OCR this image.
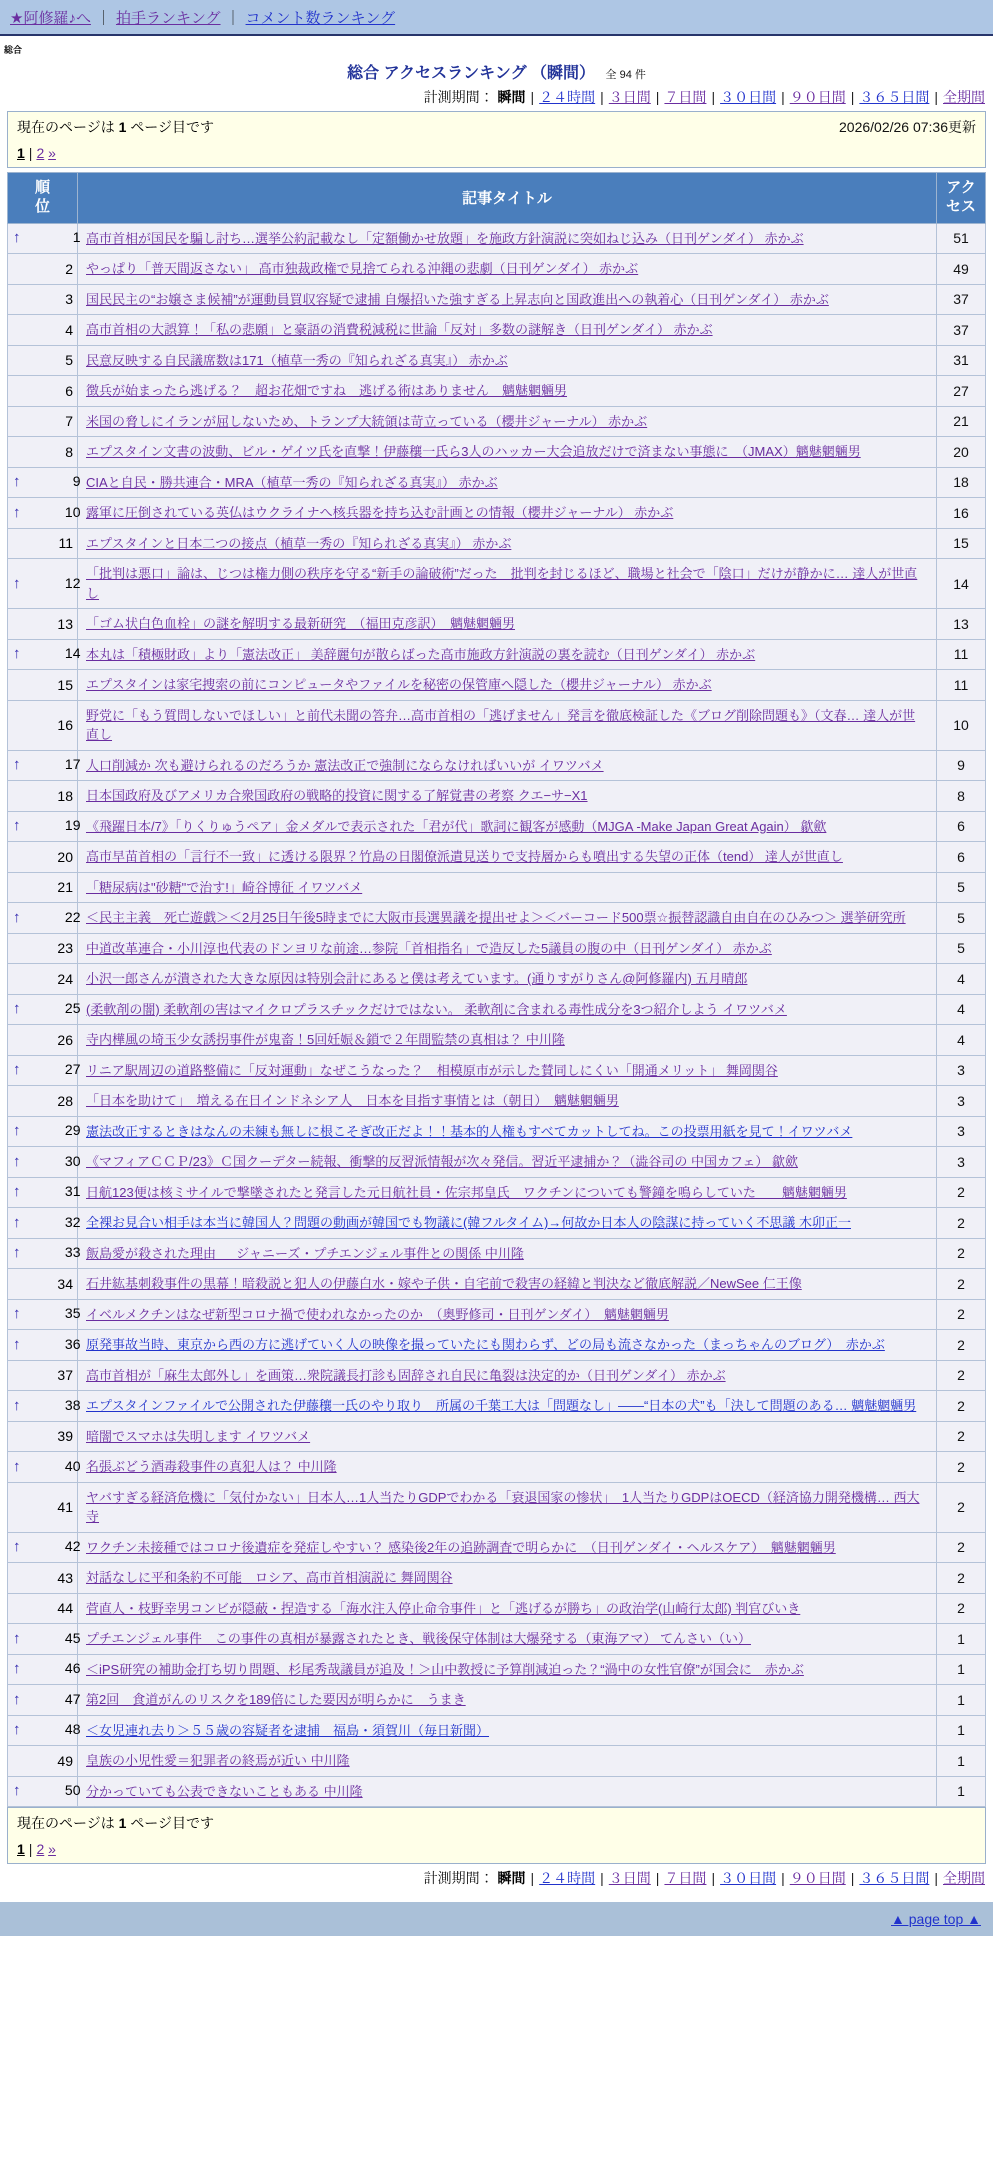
★阿修羅♪へ ｜ 拍手ランキング ｜ コメント数ランキング
総合
総合 アクセスランキング （瞬間） 全 94 件
計測期間： 瞬間 | ２４時間 | ３日間 | ７日間 | ３０日間 | ９０日間 | ３６５日間 | 全期間
現在のページは 1 ページ目です	2026/02/26 07:36更新
1 | 2 »
順位	記事タイトル	アクセス

↑ 1	高市首相が国民を騙し討ち…選挙公約記載なし「定額働かせ放題」を施政方針演説に突如ねじ込み（日刊ゲンダイ） 赤かぶ	51
2	やっぱり「普天間返さない」 高市独裁政権で見捨てられる沖縄の悲劇（日刊ゲンダイ） 赤かぶ	49
3	国民民主の“お嬢さま候補”が運動員買収容疑で逮捕 自爆招いた強すぎる上昇志向と国政進出への執着心（日刊ゲンダイ） 赤かぶ	37
4	高市首相の大誤算！「私の悲願」と豪語の消費税減税に世論「反対」多数の謎解き（日刊ゲンダイ） 赤かぶ	37
5	民意反映する自民議席数は171（植草一秀の『知られざる真実』） 赤かぶ	31
6	徴兵が始まったら逃げる？　超お花畑ですね　逃げる術はありません　魑魅魍魎男	27
7	米国の脅しにイランが屈しないため、トランプ大統領は苛立っている（櫻井ジャーナル） 赤かぶ	21
8	エプスタイン文書の波動、ビル・ゲイツ氏を直撃！伊藤穰一氏ら3人のハッカー大会追放だけで済まない事態に　（JMAX）魑魅魍魎男	20

↑ 9	CIAと自民・勝共連合・MRA（植草一秀の『知られざる真実』） 赤かぶ	18

↑ 10	露軍に圧倒されている英仏はウクライナへ核兵器を持ち込む計画との情報（櫻井ジャーナル） 赤かぶ	16
11	エプスタインと日本二つの接点（植草一秀の『知られざる真実』） 赤かぶ	15

↑ 12	「批判は悪口」論は、じつは権力側の秩序を守る“新手の論破術”だった　批判を封じるほど、職場と社会で「陰口」だけが静かに… 達人が世直し	14
13	「ゴム状白色血栓」の謎を解明する最新研究　（福田克彦訳）　魑魅魍魎男	13

↑ 14	本丸は「積極財政」より「憲法改正」 美辞麗句が散らばった高市施政方針演説の裏を読む（日刊ゲンダイ） 赤かぶ	11
15	エプスタインは家宅捜索の前にコンピュータやファイルを秘密の保管庫へ隠した（櫻井ジャーナル） 赤かぶ	11
16	野党に「もう質問しないでほしい」と前代未聞の答弁…高市首相の「逃げません」発言を徹底検証した《ブログ削除問題も》（文春… 達人が世直し	10

↑ 17	人口削減か 次も避けられるのだろうか 憲法改正で強制にならなければいいが イワツバメ	9
18	日本国政府及びアメリカ合衆国政府の戦略的投資に関する了解覚書の考察 クエ−サ−X1	8

↑ 19	《飛躍日本/7》「りくりゅうペア」金メダルで表示された「君が代」歌詞に観客が感動（MJGA -Make Japan Great Again） 歙歛	6
20	高市早苗首相の「言行不一致」に透ける限界？竹島の日閣僚派遣見送りで支持層からも噴出する失望の正体（tend） 達人が世直し	6
21	「糖尿病は"砂糖"で治す!」崎谷博征 イワツバメ	5

↑ 22	＜民主主義　死亡遊戯＞＜2月25日午後5時までに大阪市長選異議を提出せよ＞＜バーコード500票☆振替認識自由自在のひみつ＞ 選挙研究所	5
23	中道改革連合・小川淳也代表のドンヨリな前途…参院「首相指名」で造反した5議員の腹の中（日刊ゲンダイ） 赤かぶ	5
24	小沢一郎さんが潰された大きな原因は特別会計にあると僕は考えています。(通りすがりさん@阿修羅内) 五月晴郎	4

↑ 25	(柔軟剤の闇) 柔軟剤の害はマイクロプラスチックだけではない。 柔軟剤に含まれる毒性成分を3つ紹介しよう イワツバメ	4
26	寺内樺風の埼玉少女誘拐事件が鬼畜！5回妊娠＆鎖で２年間監禁の真相は？ 中川隆	4

↑ 27	リニア駅周辺の道路整備に「反対運動」なぜこうなった？　相模原市が示した賛同しにくい「開通メリット」 舞岡関谷	3
28	「日本を助けて」　増える在日インドネシア人　日本を目指す事情とは（朝日）　魑魅魍魎男	3

↑ 29	憲法改正するときはなんの未練も無しに根こそぎ改正だよ！！基本的人権もすべてカットしてね。この投票用紙を見て！イワツバメ	3

↑ 30	《マフィアＣＣＰ/23》Ｃ国クーデター続報、衝撃的反習派情報が次々発信。習近平逮捕か？（澁谷司の 中国カフェ） 歙歛	3

↑ 31	日航123便は核ミサイルで撃墜されたと発言した元日航社員・佐宗邦皇氏　ワクチンについても警鐘を鳴らしていた　　魑魅魍魎男	2

↑ 32	全裸お見合い相手は本当に韓国人？問題の動画が韓国でも物議に(韓フルタイム)→何故か日本人の陰謀に持っていく不思議 木卯正一	2

↑ 33	飯島愛が殺された理由 ＿ ジャニーズ・プチエンジェル事件との関係 中川隆	2
34	石井紘基刺殺事件の黒幕！暗殺説と犯人の伊藤白水・嫁や子供・自宅前で殺害の経緯と判決など徹底解説／NewSee 仁王像	2

↑ 35	イベルメクチンはなぜ新型コロナ禍で使われなかったのか　（奥野修司・日刊ゲンダイ）　魑魅魍魎男	2

↑ 36	原発事故当時、東京から西の方に逃げていく人の映像を撮っていたにも関わらず、どの局も流さなかった（まっちゃんのブログ）　赤かぶ	2
37	高市首相が「麻生太郎外し」を画策…衆院議長打診も固辞され自民に亀裂は決定的か（日刊ゲンダイ） 赤かぶ	2

↑ 38	エプスタインファイルで公開された伊藤穰一氏のやり取り　所属の千葉工大は「問題なし」――“日本の犬”も「決して問題のある… 魑魅魍魎男	2
39	暗闇でスマホは失明します イワツバメ	2

↑ 40	名張ぶどう酒毒殺事件の真犯人は？ 中川隆	2
41	ヤバすぎる経済危機に「気付かない」日本人…1人当たりGDPでわかる「衰退国家の惨状」　1人当たりGDPはOECD（経済協力開発機構… 西大寺	2

↑ 42	ワクチン未接種ではコロナ後遺症を発症しやすい？ 感染後2年の追跡調査で明らかに　（日刊ゲンダイ・ヘルスケア）　魑魅魍魎男	2
43	対話なしに平和条約不可能　ロシア、高市首相演説に 舞岡関谷	2
44	菅直人・枝野幸男コンビが隠蔽・捏造する「海水注入停止命令事件」と「逃げるが勝ち」の政治学(山崎行太郎) 判官びいき	2

↑ 45	プチエンジェル事件　この事件の真相が暴露されたとき、戦後保守体制は大爆発する（東海アマ） てんさい（い）	1

↑ 46	＜iPS研究の補助金打ち切り問題、杉尾秀哉議員が追及！＞山中教授に予算削減迫った？“渦中の女性官僚”が国会に　赤かぶ	1

↑ 47	第2回　食道がんのリスクを189倍にした要因が明らかに　うまき	1

↑ 48	＜女児連れ去り＞５５歳の容疑者を逮捕　福島・須賀川（毎日新聞）	1
49	皇族の小児性愛＝犯罪者の終焉が近い 中川隆	1

↑ 50	分かっていても公表できないこともある 中川隆	1
現在のページは 1 ページ目です
1 | 2 »
計測期間： 瞬間 | ２４時間 | ３日間 | ７日間 | ３０日間 | ９０日間 | ３６５日間 | 全期間
▲ page top ▲
